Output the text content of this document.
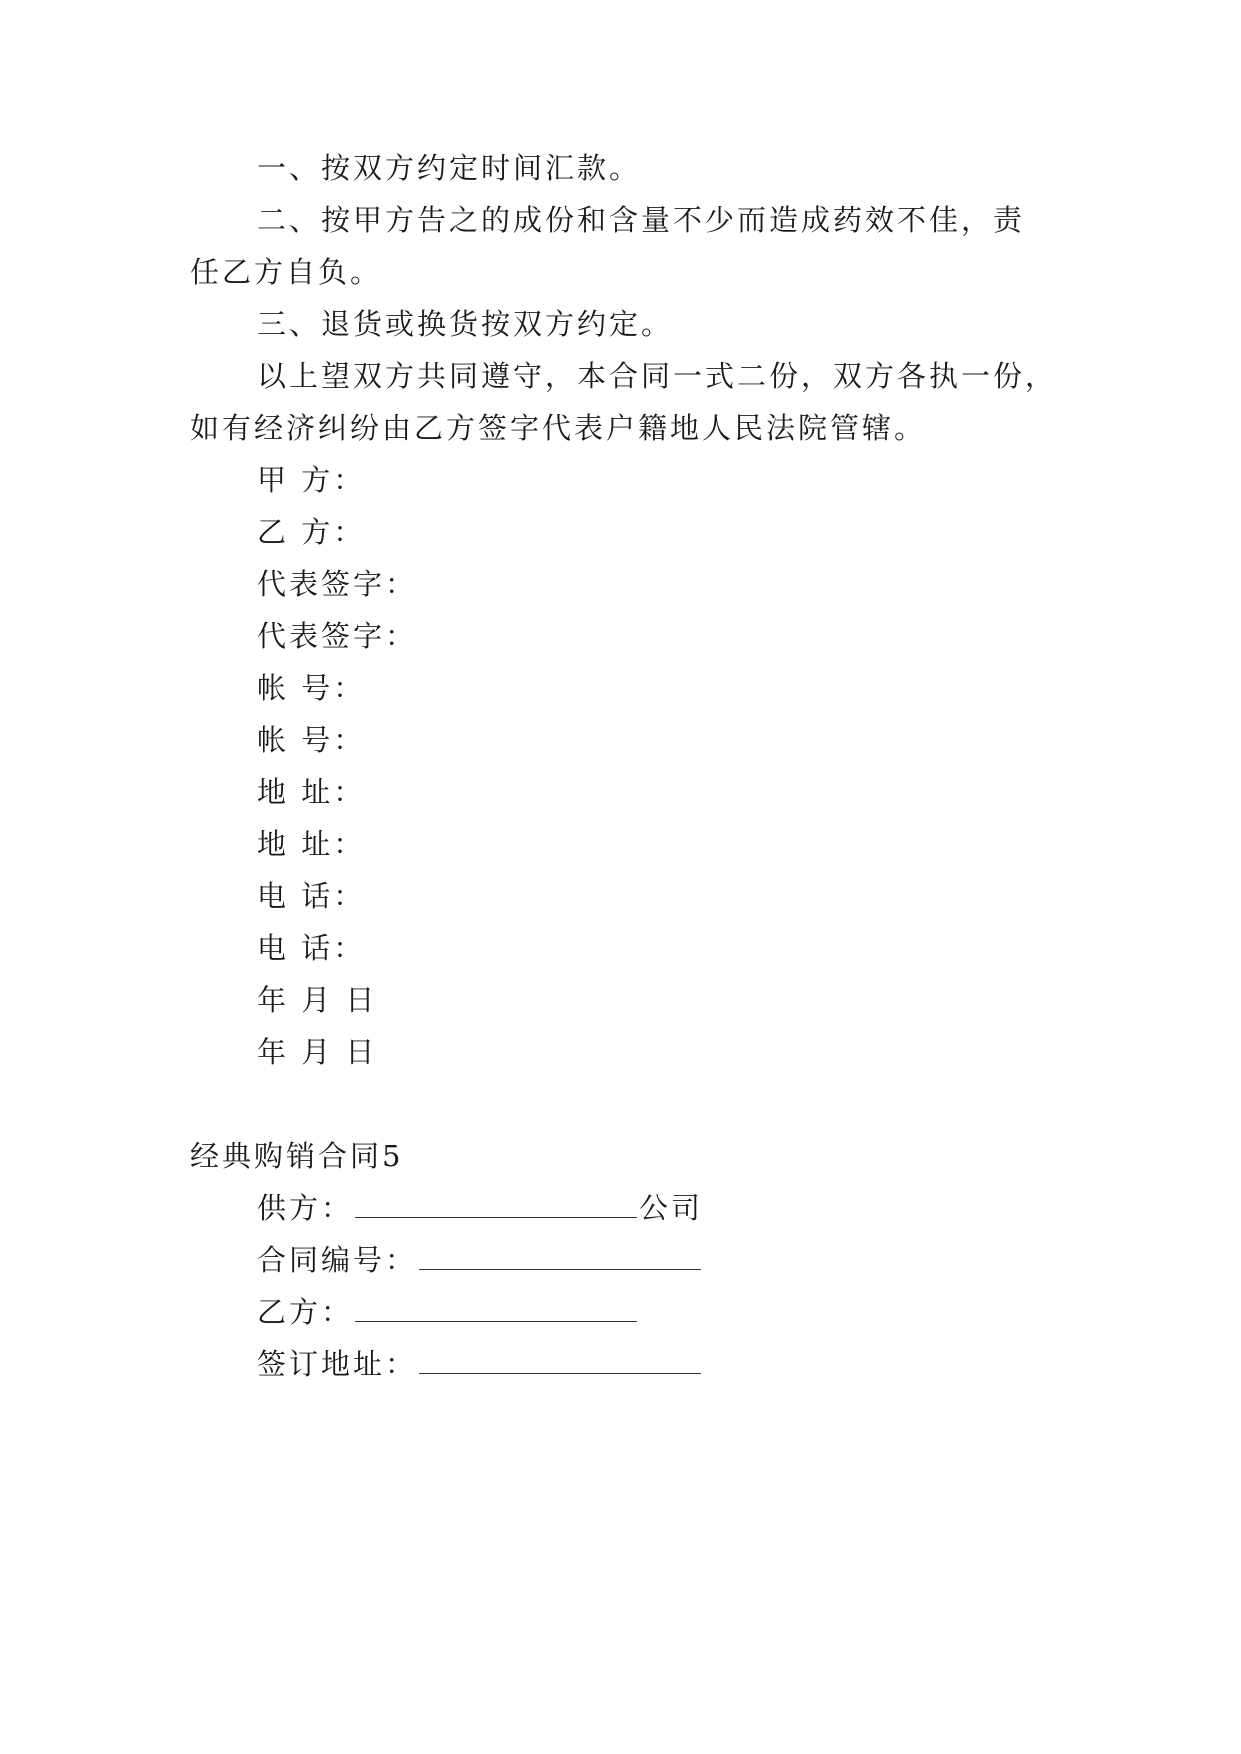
一、按双方约定时间汇款。
二、按甲方告之的成份和含量不少而造成药效不佳，责
任乙方自负。
三、退货或换货按双方约定。
以上望双方共同遵守，本合同一式二份，双方各执一份，
如有经济纠纷由乙方签字代表户籍地人民法院管辖。
甲 方：
乙 方：
代表签字：
代表签字：
帐 号：
帐 号：
地 址：
地 址：
电 话：
电 话：
年 月 日
年 月 日
经典购销合同5
供方：	公司
合同编号：
乙方：
签订地址：
